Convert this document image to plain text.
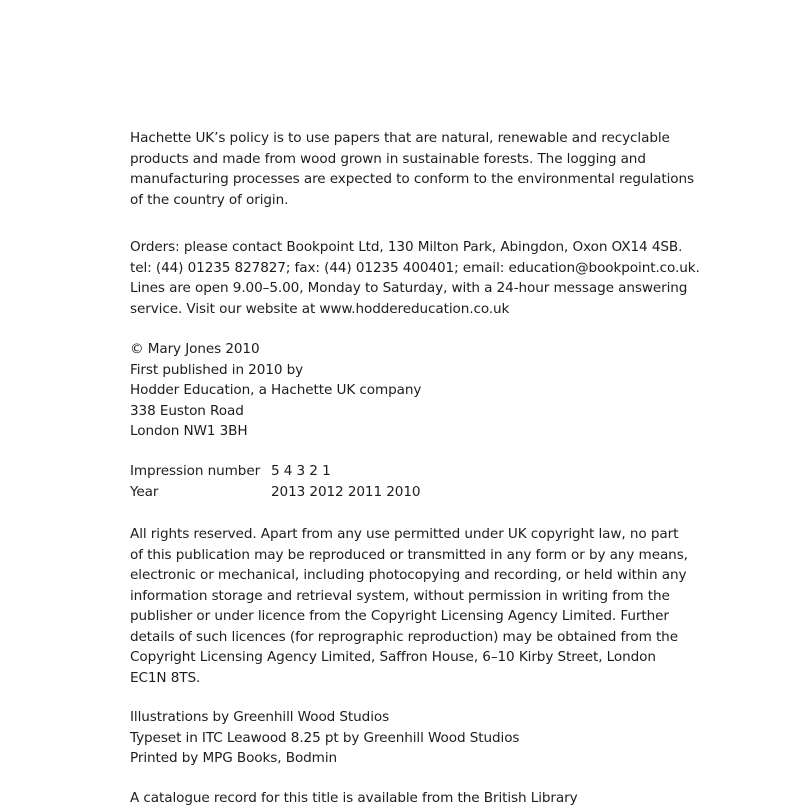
Hachette UK’s policy is to use papers that are natural, renewable and recyclable
products and made from wood grown in sustainable forests. The logging and
manufacturing processes are expected to conform to the environmental regulations
of the country of origin.
Orders: please contact Bookpoint Ltd, 130 Milton Park, Abingdon, Oxon OX14 4SB.
tel: (44) 01235 827827; fax: (44) 01235 400401; email: education@bookpoint.co.uk.
Lines are open 9.00–5.00, Monday to Saturday, with a 24-hour message answering
service. Visit our website at www.hoddereducation.co.uk
© Mary Jones 2010
First published in 2010 by
Hodder Education, a Hachette UK company
338 Euston Road
London NW1 3BH
Impression number 5 4 3 2 1
Year	2013 2012 2011 2010
All rights reserved. Apart from any use permitted under UK copyright law, no part
of this publication may be reproduced or transmitted in any form or by any means,
electronic or mechanical, including photocopying and recording, or held within any
information storage and retrieval system, without permission in writing from the
publisher or under licence from the Copyright Licensing Agency Limited. Further
details of such licences (for reprographic reproduction) may be obtained from the
Copyright Licensing Agency Limited, Saffron House, 6–10 Kirby Street, London
EC1N 8TS.
Illustrations by Greenhill Wood Studios
Typeset in ITC Leawood 8.25 pt by Greenhill Wood Studios
Printed by MPG Books, Bodmin
A catalogue record for this title is available from the British Library
